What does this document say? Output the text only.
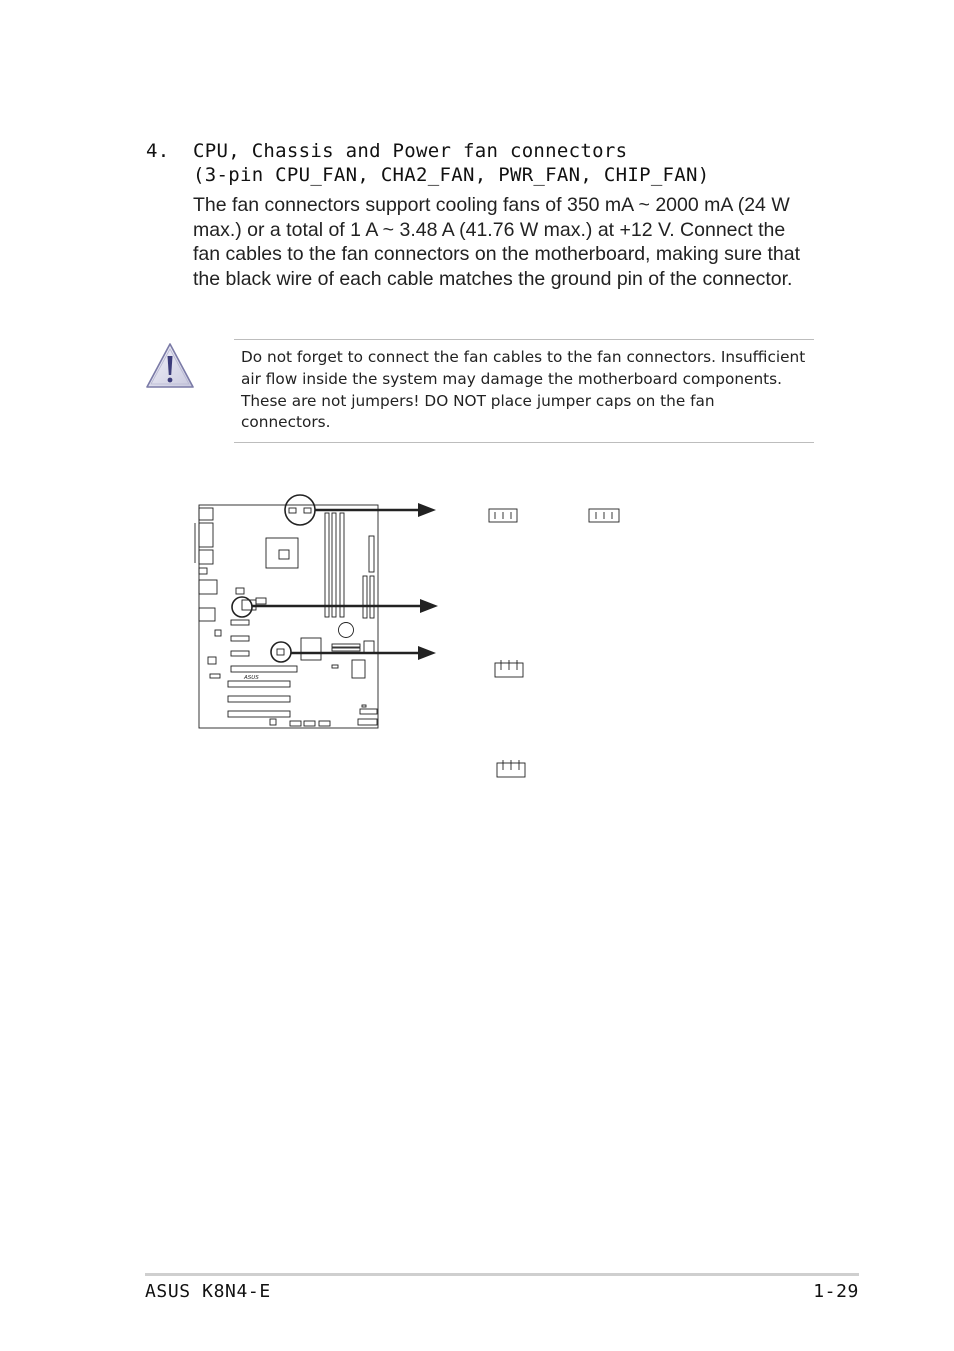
4. CPU, Chassis and Power fan connectors
(3-pin CPU_FAN, CHA2_FAN, PWR_FAN, CHIP_FAN)
The fan connectors support cooling fans of 350 mA ~ 2000 mA (24 W max.) or a total of 1 A ~ 3.48 A (41.76 W max.) at +12 V. Connect the fan cables to the fan connectors on the motherboard, making sure that the black wire of each cable matches the ground pin of the connector.
Do not forget to connect the fan cables to the fan connectors. Insufficient air flow inside the system may damage the motherboard components. These are not jumpers! DO NOT place jumper caps on the fan connectors.
ASUS
ASUS K8N4-E	1-29
